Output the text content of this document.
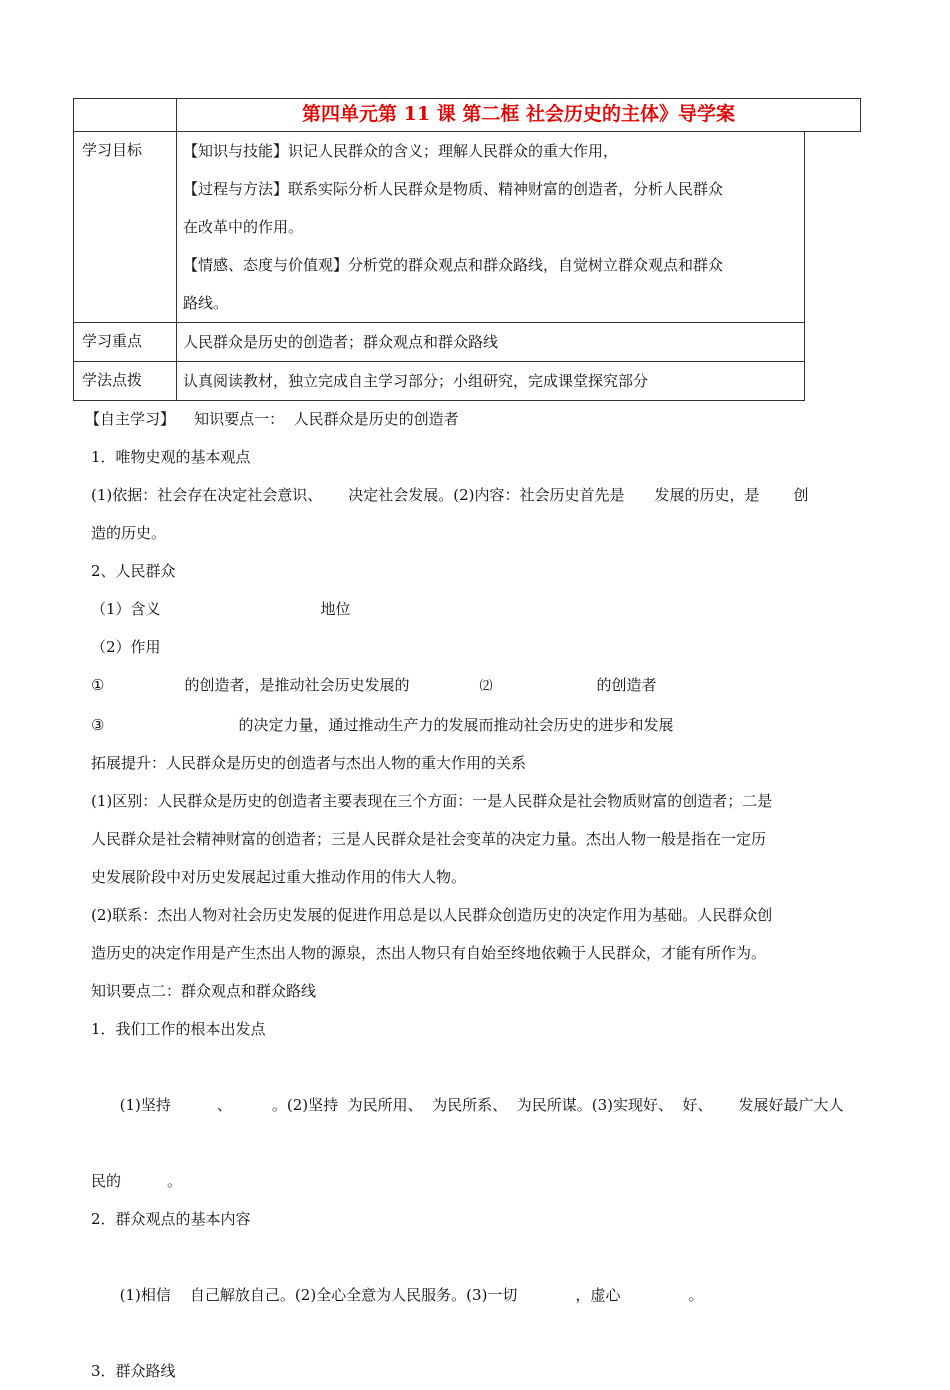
	第四单元第 11 课 第二框 社会历史的主体》导学案	
学习目标	【知识与技能】识记人民群众的含义；理解人民群众的重大作用，

【过程与方法】联系实际分析人民群众是物质、精神财富的创造者，分析人民群众

在改革中的作用。

【情感、态度与价值观】分析党的群众观点和群众路线，自觉树立群众观点和群众

路线。	

学习重点	人民群众是历史的创造者；群众观点和群众路线	

学法点拨	认真阅读教材，独立完成自主学习部分；小组研究，完成课堂探究部分	

【自主学习】    知识要点一：  人民群众是历史的创造者

1．唯物史观的基本观点

(1)依据：社会存在决定社会意识、 决定社会发展。(2)内容：社会历史首先是 发展的历史，是 创

造的历史。

2、人民群众

（1）含义	地位

（2）作用

①	的创造者，是推动社会历史发展的	⑵	的创造者

③	的决定力量，通过推动生产力的发展而推动社会历史的进步和发展

拓展提升：人民群众是历史的创造者与杰出人物的重大作用的关系

(1)区别：人民群众是历史的创造者主要表现在三个方面：一是人民群众是社会物质财富的创造者；二是

人民群众是社会精神财富的创造者；三是人民群众是社会变革的决定力量。杰出人物一般是指在一定历

史发展阶段中对历史发展起过重大推动作用的伟大人物。

(2)联系：杰出人物对社会历史发展的促进作用总是以人民群众创造历史的决定作用为基础。人民群众创

造历史的决定作用是产生杰出人物的源泉，杰出人物只有自始至终地依赖于人民群众，才能有所作为。

知识要点二：群众观点和群众路线

1．我们工作的根本出发点

(1)坚持	、	。(2)坚持  为民所用、  为民所系、  为民所谋。(3)实现好、  好、 发展好最广大人

民的	。

2．群众观点的基本内容

(1)相信    自己解放自己。(2)全心全意为人民服务。(3)一切	，虚心	。

3．群众路线
